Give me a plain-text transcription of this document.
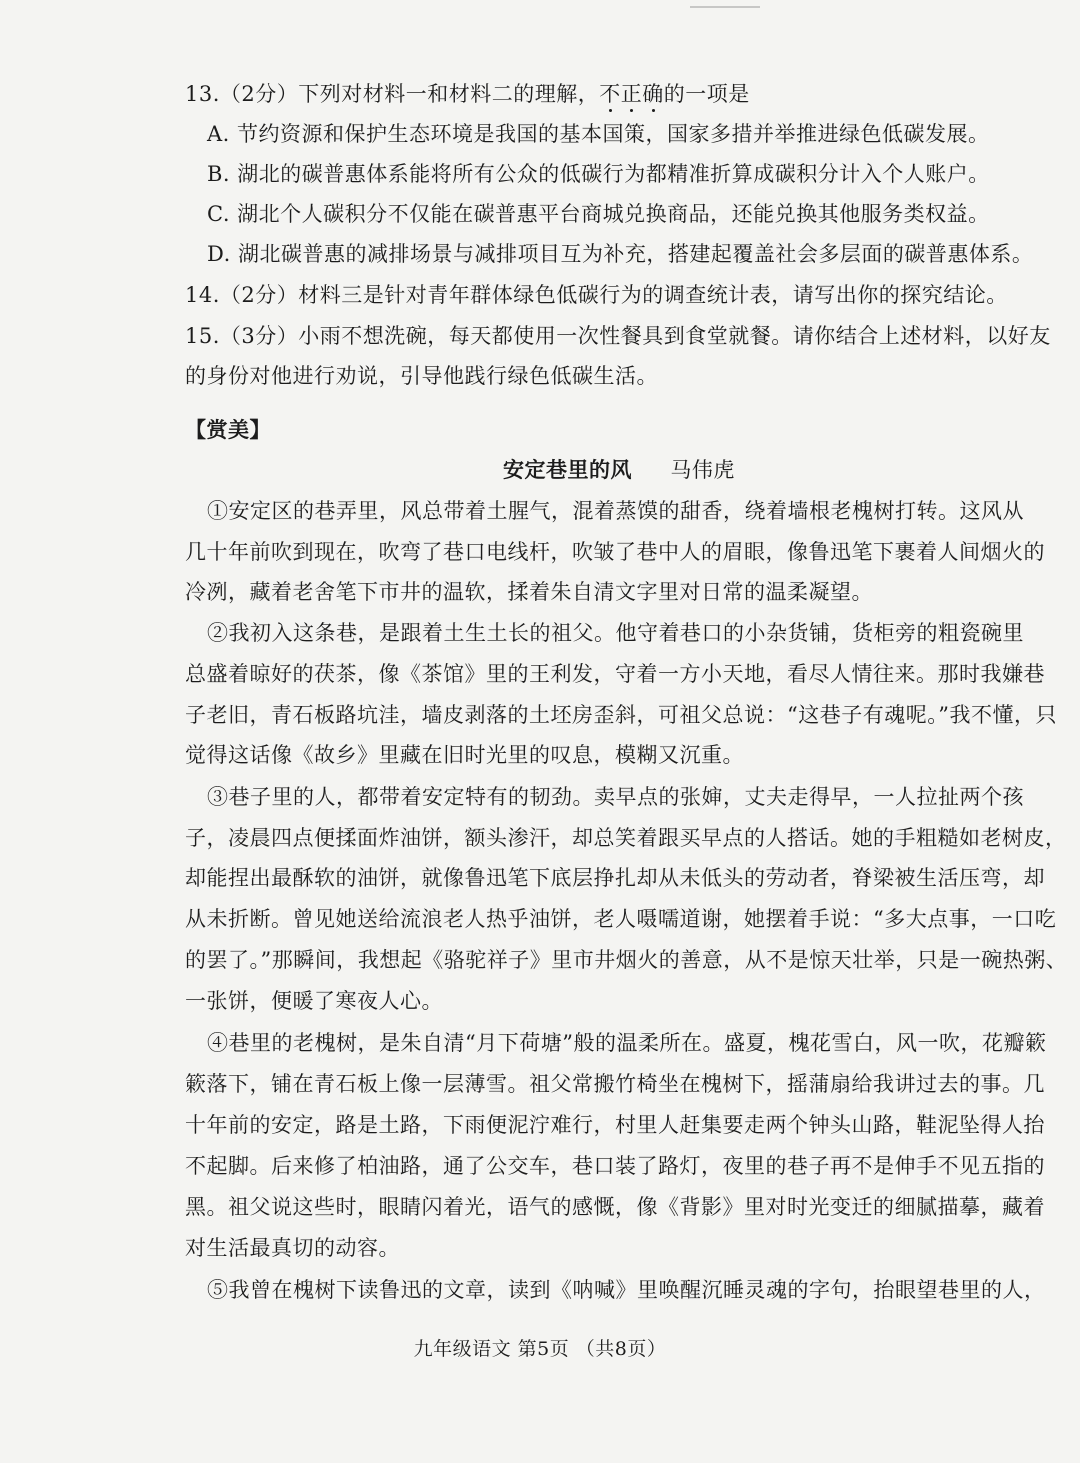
13.（2分）下列对材料一和材料二的理解，不正确的一项是
A. 节约资源和保护生态环境是我国的基本国策，国家多措并举推进绿色低碳发展。
B. 湖北的碳普惠体系能将所有公众的低碳行为都精准折算成碳积分计入个人账户。
C. 湖北个人碳积分不仅能在碳普惠平台商城兑换商品，还能兑换其他服务类权益。
D. 湖北碳普惠的减排场景与减排项目互为补充，搭建起覆盖社会多层面的碳普惠体系。
14.（2分）材料三是针对青年群体绿色低碳行为的调查统计表，请写出你的探究结论。
15.（3分）小雨不想洗碗，每天都使用一次性餐具到食堂就餐。请你结合上述材料，以好友
的身份对他进行劝说，引导他践行绿色低碳生活。
【赏美】
安定巷里的风 马伟虎
①安定区的巷弄里，风总带着土腥气，混着蒸馍的甜香，绕着墙根老槐树打转。这风从
几十年前吹到现在，吹弯了巷口电线杆，吹皱了巷中人的眉眼，像鲁迅笔下裹着人间烟火的
冷冽，藏着老舍笔下市井的温软，揉着朱自清文字里对日常的温柔凝望。
②我初入这条巷，是跟着土生土长的祖父。他守着巷口的小杂货铺，货柜旁的粗瓷碗里
总盛着晾好的茯茶，像《茶馆》里的王利发，守着一方小天地，看尽人情往来。那时我嫌巷
子老旧，青石板路坑洼，墙皮剥落的土坯房歪斜，可祖父总说：“这巷子有魂呢。”我不懂，只
觉得这话像《故乡》里藏在旧时光里的叹息，模糊又沉重。
③巷子里的人，都带着安定特有的韧劲。卖早点的张婶，丈夫走得早，一人拉扯两个孩
子，凌晨四点便揉面炸油饼，额头渗汗，却总笑着跟买早点的人搭话。她的手粗糙如老树皮，
却能捏出最酥软的油饼，就像鲁迅笔下底层挣扎却从未低头的劳动者，脊梁被生活压弯，却
从未折断。曾见她送给流浪老人热乎油饼，老人嗫嚅道谢，她摆着手说：“多大点事，一口吃
的罢了。”那瞬间，我想起《骆驼祥子》里市井烟火的善意，从不是惊天壮举，只是一碗热粥、
一张饼，便暖了寒夜人心。
④巷里的老槐树，是朱自清“月下荷塘”般的温柔所在。盛夏，槐花雪白，风一吹，花瓣簌
簌落下，铺在青石板上像一层薄雪。祖父常搬竹椅坐在槐树下，摇蒲扇给我讲过去的事。几
十年前的安定，路是土路，下雨便泥泞难行，村里人赶集要走两个钟头山路，鞋泥坠得人抬
不起脚。后来修了柏油路，通了公交车，巷口装了路灯，夜里的巷子再不是伸手不见五指的
黑。祖父说这些时，眼睛闪着光，语气的感慨，像《背影》里对时光变迁的细腻描摹，藏着
对生活最真切的动容。
⑤我曾在槐树下读鲁迅的文章，读到《呐喊》里唤醒沉睡灵魂的字句，抬眼望巷里的人，
九年级语文 第5页 （共8页）
